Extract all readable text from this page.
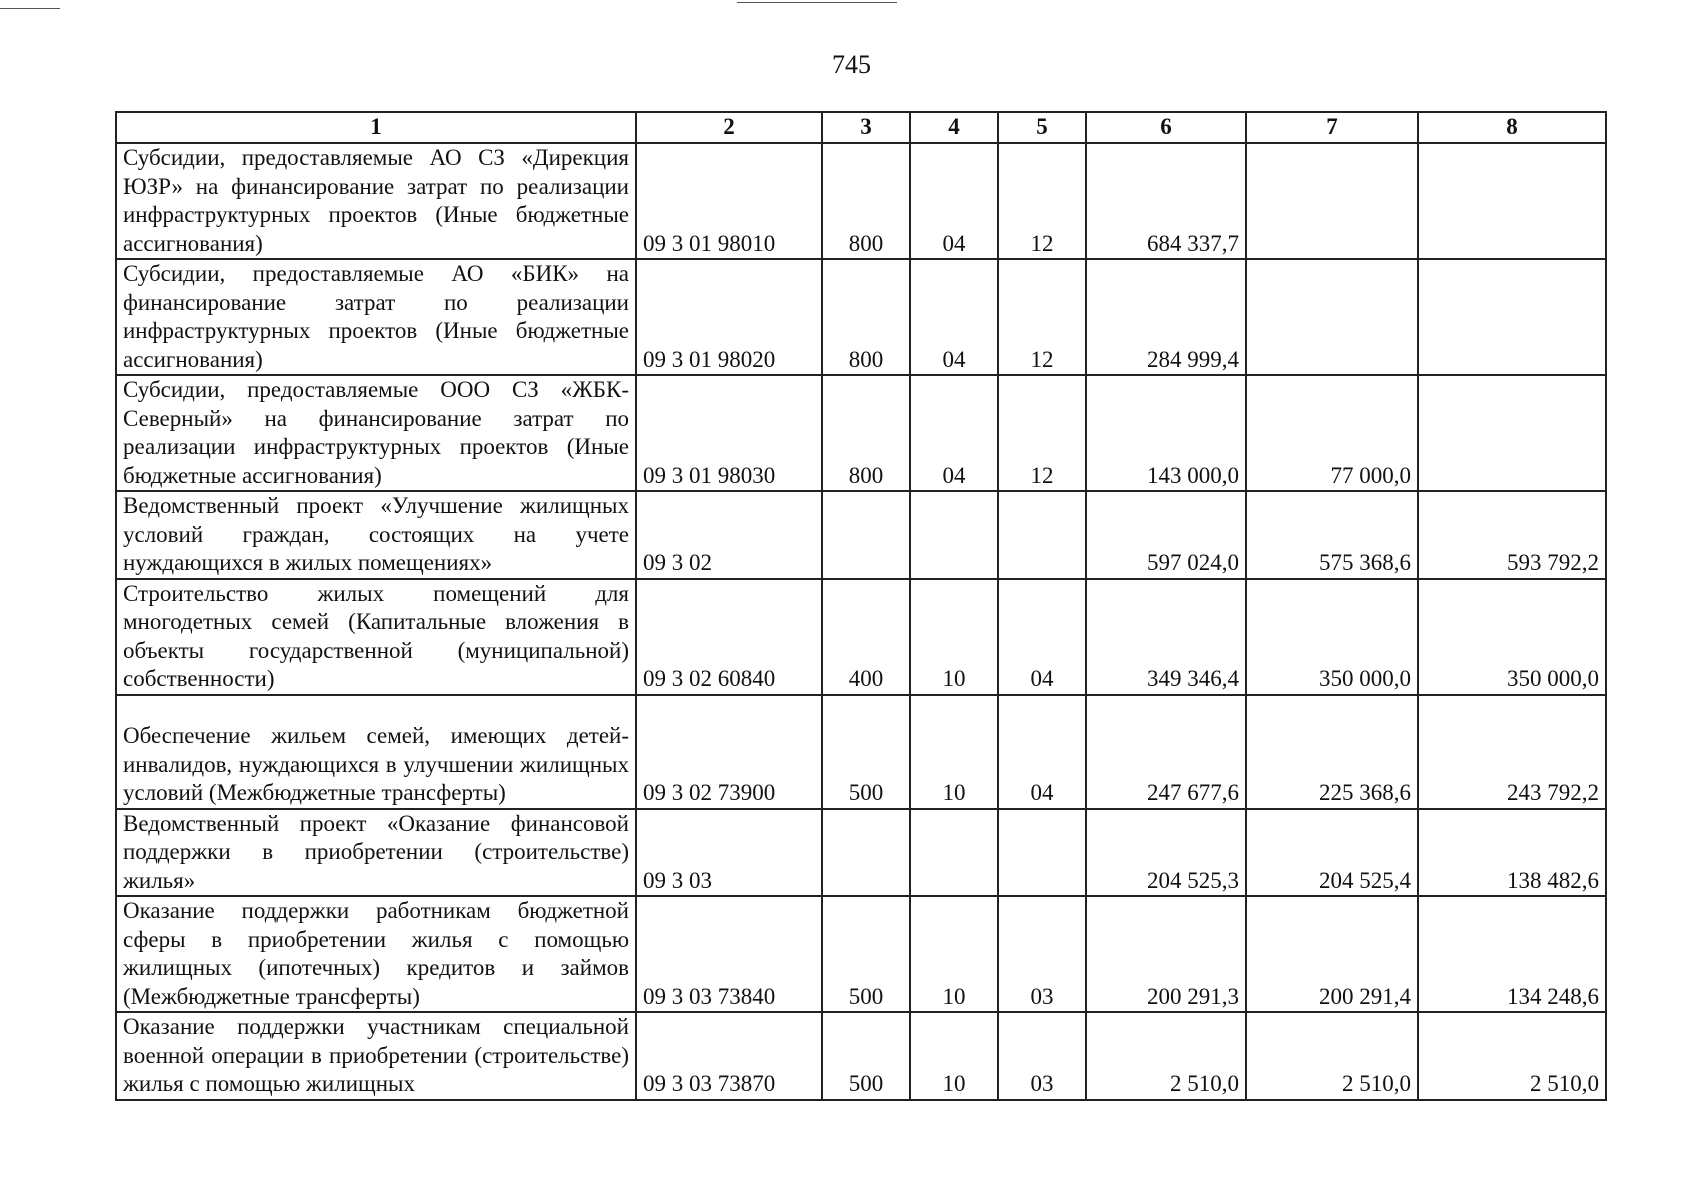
745
1	2	3	4	5	6	7	8
Субсидии, предоставляемые АО СЗ «Дирекция ЮЗР» на финансирование затрат по реализации инфраструктурных проектов (Иные бюджетные ассигнования)	09 3 01 98010	800	04	12	684 337,7		
Субсидии, предоставляемые АО «БИК» на финансирование затрат по реализации инфраструктурных проектов (Иные бюджетные ассигнования)	09 3 01 98020	800	04	12	284 999,4		
Субсидии, предоставляемые ООО СЗ «ЖБК-Северный» на финансирование затрат по реализации инфраструктурных проектов (Иные бюджетные ассигнования)	09 3 01 98030	800	04	12	143 000,0	77 000,0	
Ведомственный проект «Улучшение жилищных условий граждан, состоящих на учете нуждающихся в жилых помещениях»	09 3 02				597 024,0	575 368,6	593 792,2
Строительство жилых помещений для многодетных семей (Капитальные вложения в объекты государственной (муниципальной) собственности)	09 3 02 60840	400	10	04	349 346,4	350 000,0	350 000,0
Обеспечение жильем семей, имеющих детей-инвалидов, нуждающихся в улучшении жилищных условий (Межбюджетные трансферты)	09 3 02 73900	500	10	04	247 677,6	225 368,6	243 792,2
Ведомственный проект «Оказание финансовой поддержки в приобретении (строительстве) жилья»	09 3 03				204 525,3	204 525,4	138 482,6
Оказание поддержки работникам бюджетной сферы в приобретении жилья с помощью жилищных (ипотечных) кредитов и займов (Межбюджетные трансферты)	09 3 03 73840	500	10	03	200 291,3	200 291,4	134 248,6
Оказание поддержки участникам специальной военной операции в приобретении (строительстве) жилья с помощью жилищных	09 3 03 73870	500	10	03	2 510,0	2 510,0	2 510,0
